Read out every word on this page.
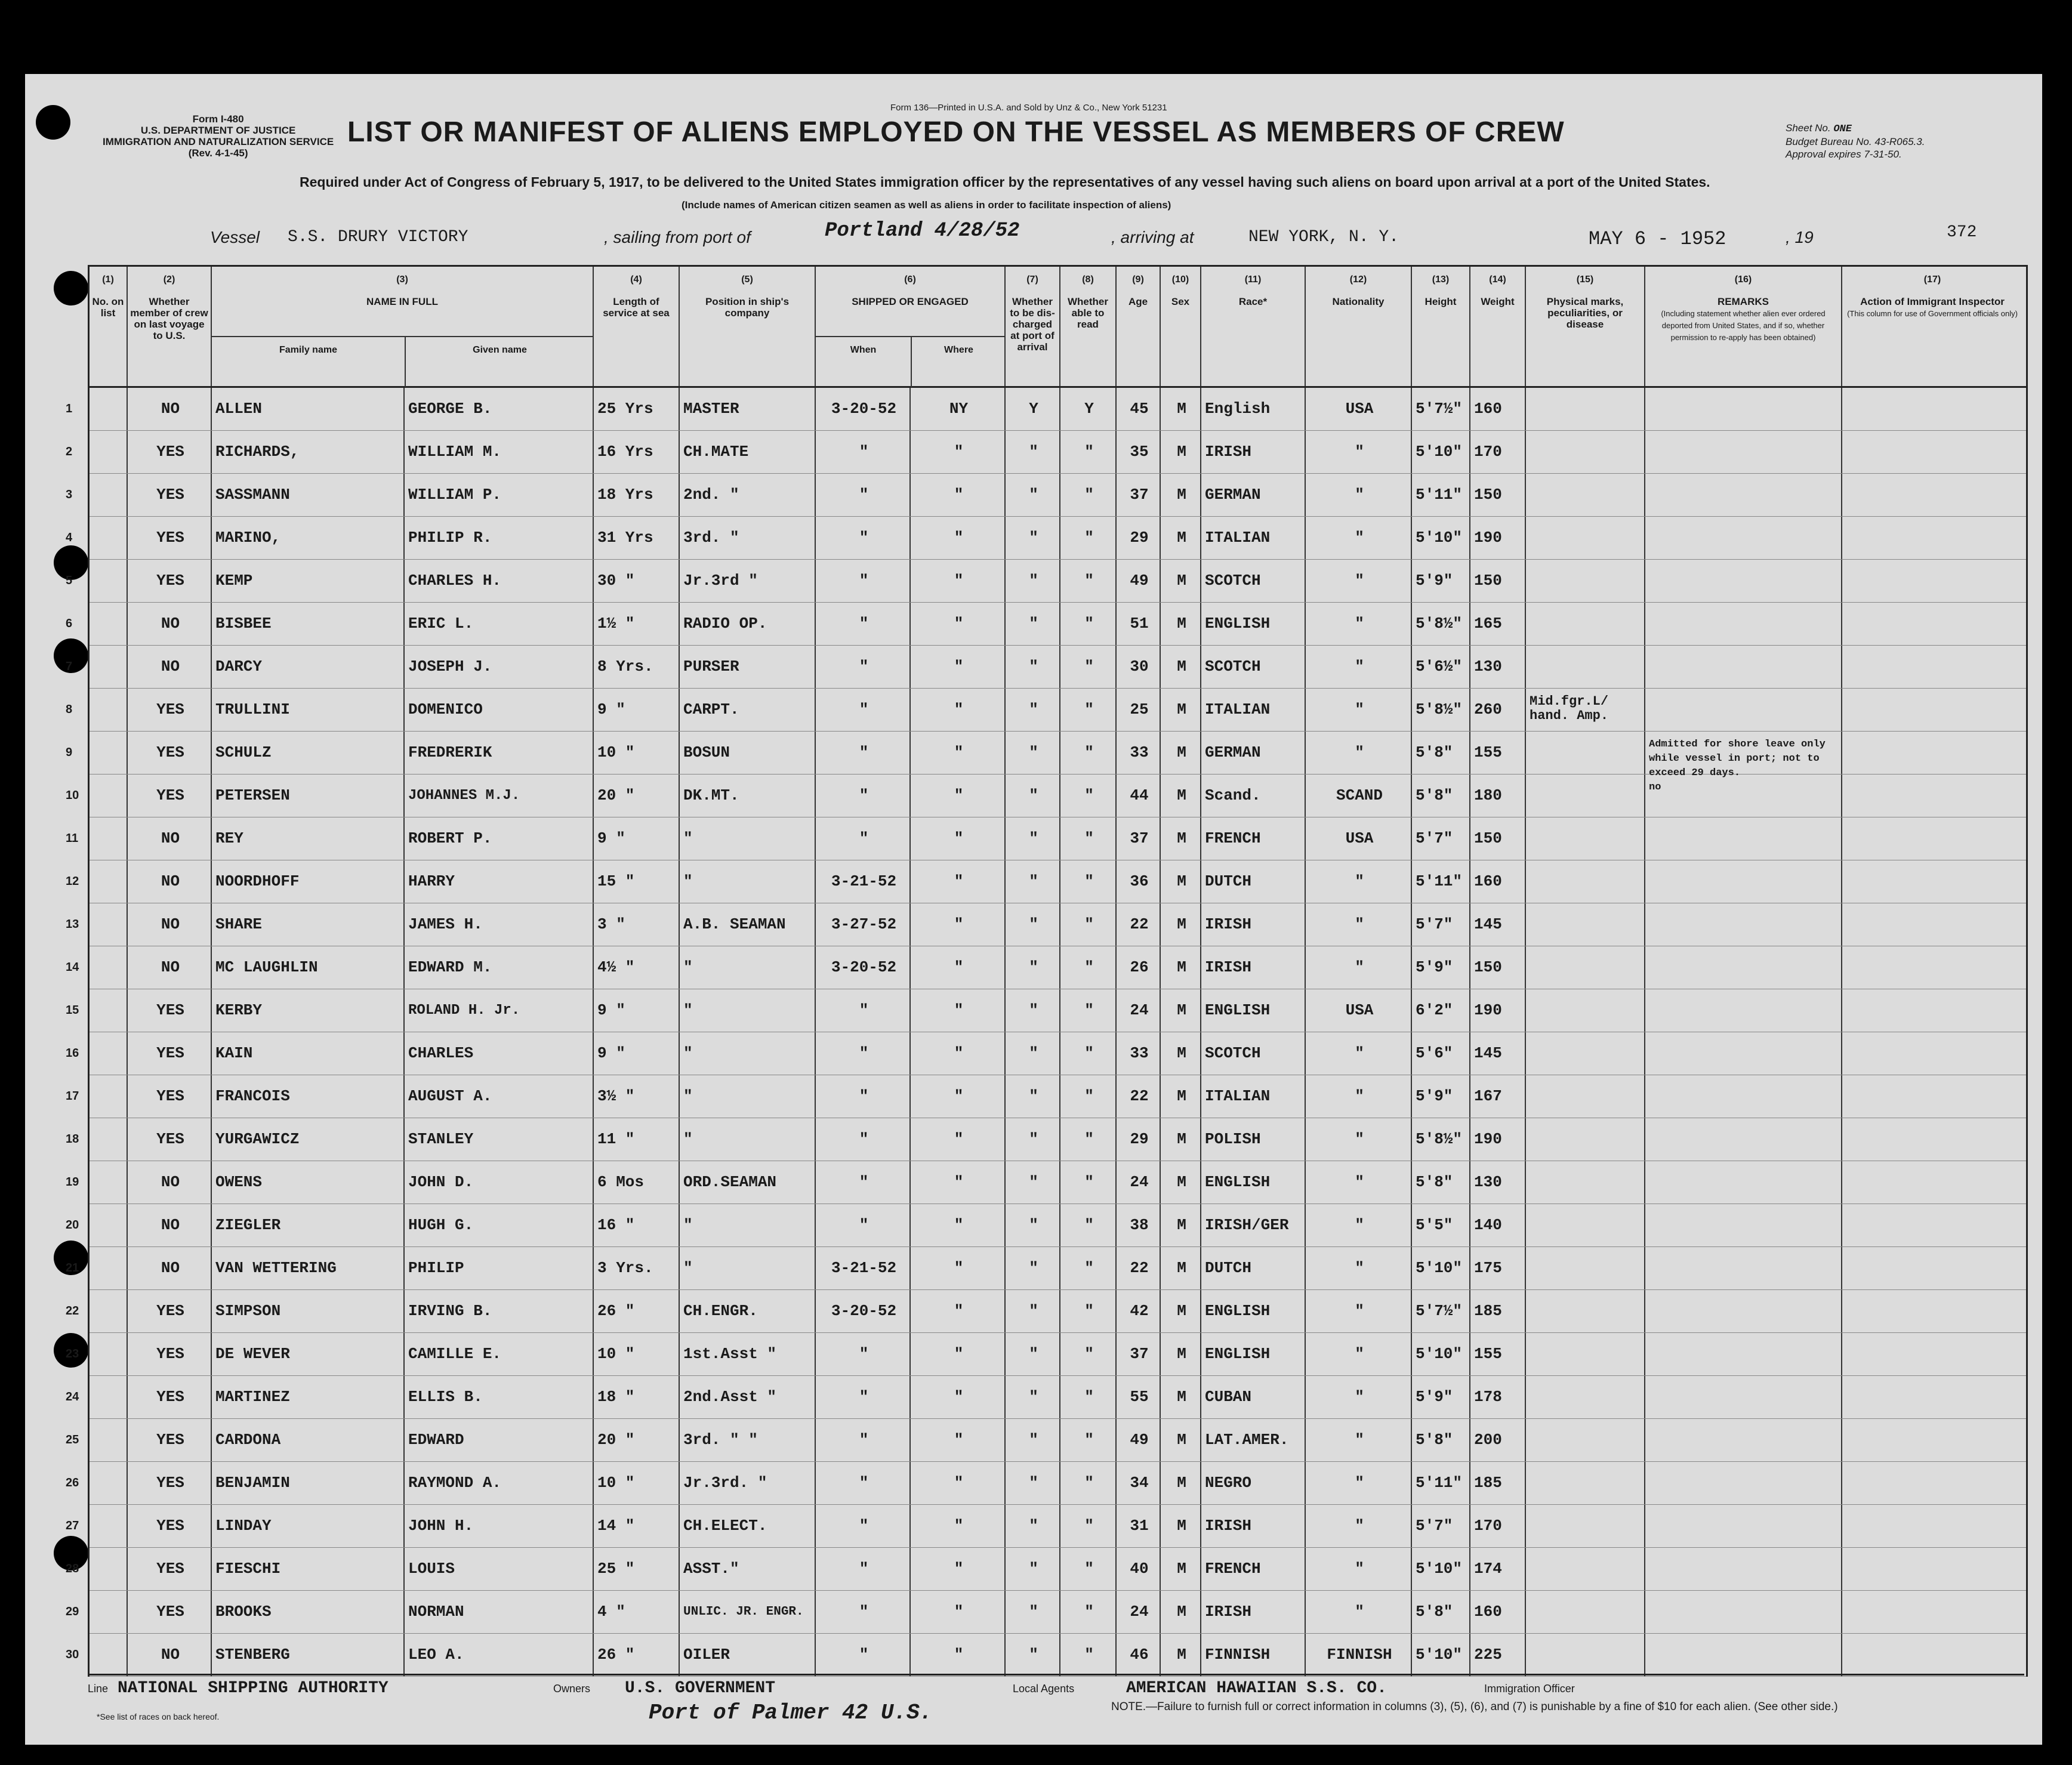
Form I-480
U.S. DEPARTMENT OF JUSTICE
IMMIGRATION AND NATURALIZATION SERVICE
(Rev. 4-1-45)
Form 136—Printed in U.S.A. and Sold by Unz & Co., New York 51231
LIST OR MANIFEST OF ALIENS EMPLOYED ON THE VESSEL AS MEMBERS OF CREW	Sheet No. ONE
Budget Bureau No. 43-R065.3.
Approval expires 7-31-50.
Required under Act of Congress of February 5, 1917, to be delivered to the United States immigration officer by the representatives of any vessel having such aliens on board upon arrival at a port of the United States.
(Include names of American citizen seamen as well as aliens in order to facilitate inspection of aliens)
Vessel S.S. DRURY VICTORY	, sailing from port of	Portland 4/28/52	, arriving at	NEW YORK, N. Y.	MAY 6 - 1952	, 19	372
(1)
No. on list
(2)
Whether member of crew on last voyage to U.S.
(3)
NAME IN FULL
Family name	Given name
(4)
Length of service at sea
(5)
Position in ship's company
(6)
SHIPPED OR ENGAGED
When	Where
(7)
Whether to be dis-charged at port of arrival
(8)
Whether able to read
(9)
Age
(10)
Sex
(11)
Race*
(12)
Nationality
(13)
Height
(14)
Weight
(15)
Physical marks, peculiarities, or disease
(16)
REMARKS
(Including statement whether alien ever ordered deported from United States, and if so, whether permission to re-apply has been obtained)
(17)
Action of Immigrant Inspector
(This column for use of Government officials only)
1	NO	ALLEN	GEORGE B.	25 Yrs	MASTER	3-20-52	NY	Y	Y	45	M	English	USA	5'7½" 160
2	YES	RICHARDS,	WILLIAM M.	16 Yrs	CH.MATE	"	"	"	"	35	M	IRISH	"	5'10" 170
3	YES	SASSMANN	WILLIAM P.	18 Yrs	2nd. "	"	"	"	"	37	M	GERMAN	"	5'11" 150
4	YES	MARINO,	PHILIP R.	31 Yrs	3rd. "	"	"	"	"	29	M	ITALIAN	"	5'10" 190
5	YES	KEMP	CHARLES H.	30 "	Jr.3rd "	"	"	"	"	49	M	SCOTCH	"	5'9"	150
6	NO	BISBEE	ERIC L.	1½ "	RADIO OP.	"	"	"	"	51	M	ENGLISH	"	5'8½" 165
7	NO	DARCY	JOSEPH J.	8 Yrs.	PURSER	"	"	"	"	30	M	SCOTCH	"	5'6½" 130
8	YES	TRULLINI	DOMENICO	9 "	CARPT.	"	"	"	"	25	M	ITALIAN	"	5'8½" 260	Mid.fgr.L/ hand. Amp.
9	YES	SCHULZ	FREDRERIK	10 "	BOSUN	"	"	"	"	33	M	GERMAN	"	5'8"	155	Admitted for shore leave only while vessel in port; not to exceed 29 days.
10	YES	PETERSEN	JOHANNES M.J.	20 "	DK.MT.	"	"	"	"	44	M	Scand.	SCAND	5'8"	180	no
11	NO	REY	ROBERT P.	9 "	"	"	"	"	"	37	M	FRENCH	USA	5'7"	150
12	NO	NOORDHOFF	HARRY	15 "	"	3-21-52	"	"	"	36	M	DUTCH	"	5'11" 160
13	NO	SHARE	JAMES H.	3 "	A.B. SEAMAN	3-27-52	"	"	"	22	M	IRISH	"	5'7"	145
14	NO	MC LAUGHLIN	EDWARD M.	4½ "	"	3-20-52	"	"	"	26	M	IRISH	"	5'9"	150
15	YES	KERBY	ROLAND H. Jr.	9 "	"	"	"	"	"	24	M	ENGLISH	USA	6'2"	190
16	YES	KAIN	CHARLES	9 "	"	"	"	"	"	33	M	SCOTCH	"	5'6"	145
17	YES	FRANCOIS	AUGUST A.	3½ "	"	"	"	"	"	22	M	ITALIAN	"	5'9"	167
18	YES	YURGAWICZ	STANLEY	11 "	"	"	"	"	"	29	M	POLISH	"	5'8½" 190
19	NO	OWENS	JOHN D.	6 Mos	ORD.SEAMAN	"	"	"	"	24	M	ENGLISH	"	5'8"	130
20	NO	ZIEGLER	HUGH G.	16 "	"	"	"	"	"	38	M	IRISH/GER	"	5'5"	140
21	NO	VAN WETTERING	PHILIP	3 Yrs.	"	3-21-52	"	"	"	22	M	DUTCH	"	5'10" 175
22	YES	SIMPSON	IRVING B.	26 "	CH.ENGR.	3-20-52	"	"	"	42	M	ENGLISH	"	5'7½" 185
23	YES	DE WEVER	CAMILLE E.	10 "	1st.Asst "	"	"	"	"	37	M	ENGLISH	"	5'10" 155
24	YES	MARTINEZ	ELLIS B.	18 "	2nd.Asst "	"	"	"	"	55	M	CUBAN	"	5'9"	178
25	YES	CARDONA	EDWARD	20 "	3rd. " "	"	"	"	"	49	M	LAT.AMER.	"	5'8"	200
26	YES	BENJAMIN	RAYMOND A.	10 "	Jr.3rd. "	"	"	"	"	34	M	NEGRO	"	5'11" 185
27	YES	LINDAY	JOHN H.	14 "	CH.ELECT.	"	"	"	"	31	M	IRISH	"	5'7"	170
28	YES	FIESCHI	LOUIS	25 "	ASST."	"	"	"	"	40	M	FRENCH	"	5'10" 174
29	YES	BROOKS	NORMAN	4 "	UNLIC. JR. ENGR.	"	"	"	"	24	M	IRISH	"	5'8"	160
30	NO	STENBERG	LEO A.	26 "	OILER	"	"	"	"	46	M	FINNISH	FINNISH	5'10" 225
Line NATIONAL SHIPPING AUTHORITY	Owners U.S. GOVERNMENT	Local Agents	AMERICAN HAWAIIAN S.S. CO.	Immigration Officer
Port of Palmer 42 U.S.
*See list of races on back hereof.
NOTE.—Failure to furnish full or correct information in columns (3), (5), (6), and (7) is punishable by a fine of $10 for each alien. (See other side.)
